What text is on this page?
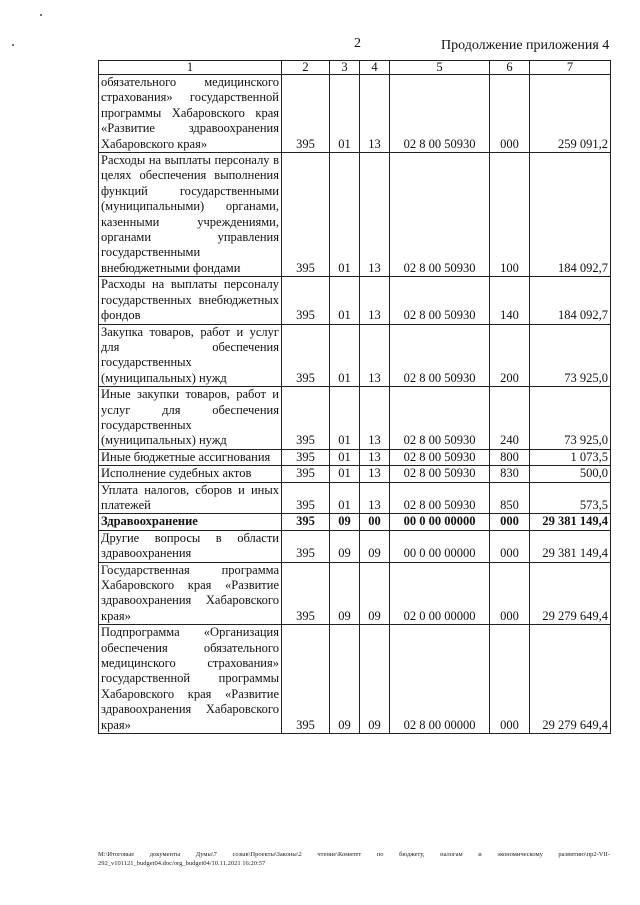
2	Продолжение приложения 4
1	2	3	4	5	6	7
обязательного медицинского страхования» государственной программы Хабаровского края «Развитие здравоохранения Хабаровского края»	395	01	13	02 8 00 50930	000	259 091,2
Расходы на выплаты персоналу в целях обеспечения выполнения функций государственными (муниципальными) органами, казенными учреждениями, органами управления государственными внебюджетными фондами	395	01	13	02 8 00 50930	100	184 092,7
Расходы на выплаты персоналу государственных внебюджетных фондов	395	01	13	02 8 00 50930	140	184 092,7
Закупка товаров, работ и услуг для обеспечения государственных (муниципальных) нужд	395	01	13	02 8 00 50930	200	73 925,0
Иные закупки товаров, работ и услуг для обеспечения государственных (муниципальных) нужд	395	01	13	02 8 00 50930	240	73 925,0
Иные бюджетные ассигнования	395	01	13	02 8 00 50930	800	1 073,5
Исполнение судебных актов	395	01	13	02 8 00 50930	830	500,0
Уплата налогов, сборов и иных платежей	395	01	13	02 8 00 50930	850	573,5
Здравоохранение	395	09	00	00 0 00 00000	000	29 381 149,4
Другие вопросы в области здравоохранения	395	09	09	00 0 00 00000	000	29 381 149,4
Государственная программа Хабаровского края «Развитие здравоохранения Хабаровского края»	395	09	09	02 0 00 00000	000	29 279 649,4
Подпрограмма «Организация обеспечения обязательного медицинского страхования» государственной программы Хабаровского края «Развитие здравоохранения Хабаровского края»	395	09	09	02 8 00 00000	000	29 279 649,4
M:\Итоговые документы Думы\7 созыв\Проекты\Законы\2 чтение\Комитет по бюджету, налогам и экономическому развитию\пр2-VII-292_v101121_budget04.doc/org_budget04/10.11.2021 16:20:57
